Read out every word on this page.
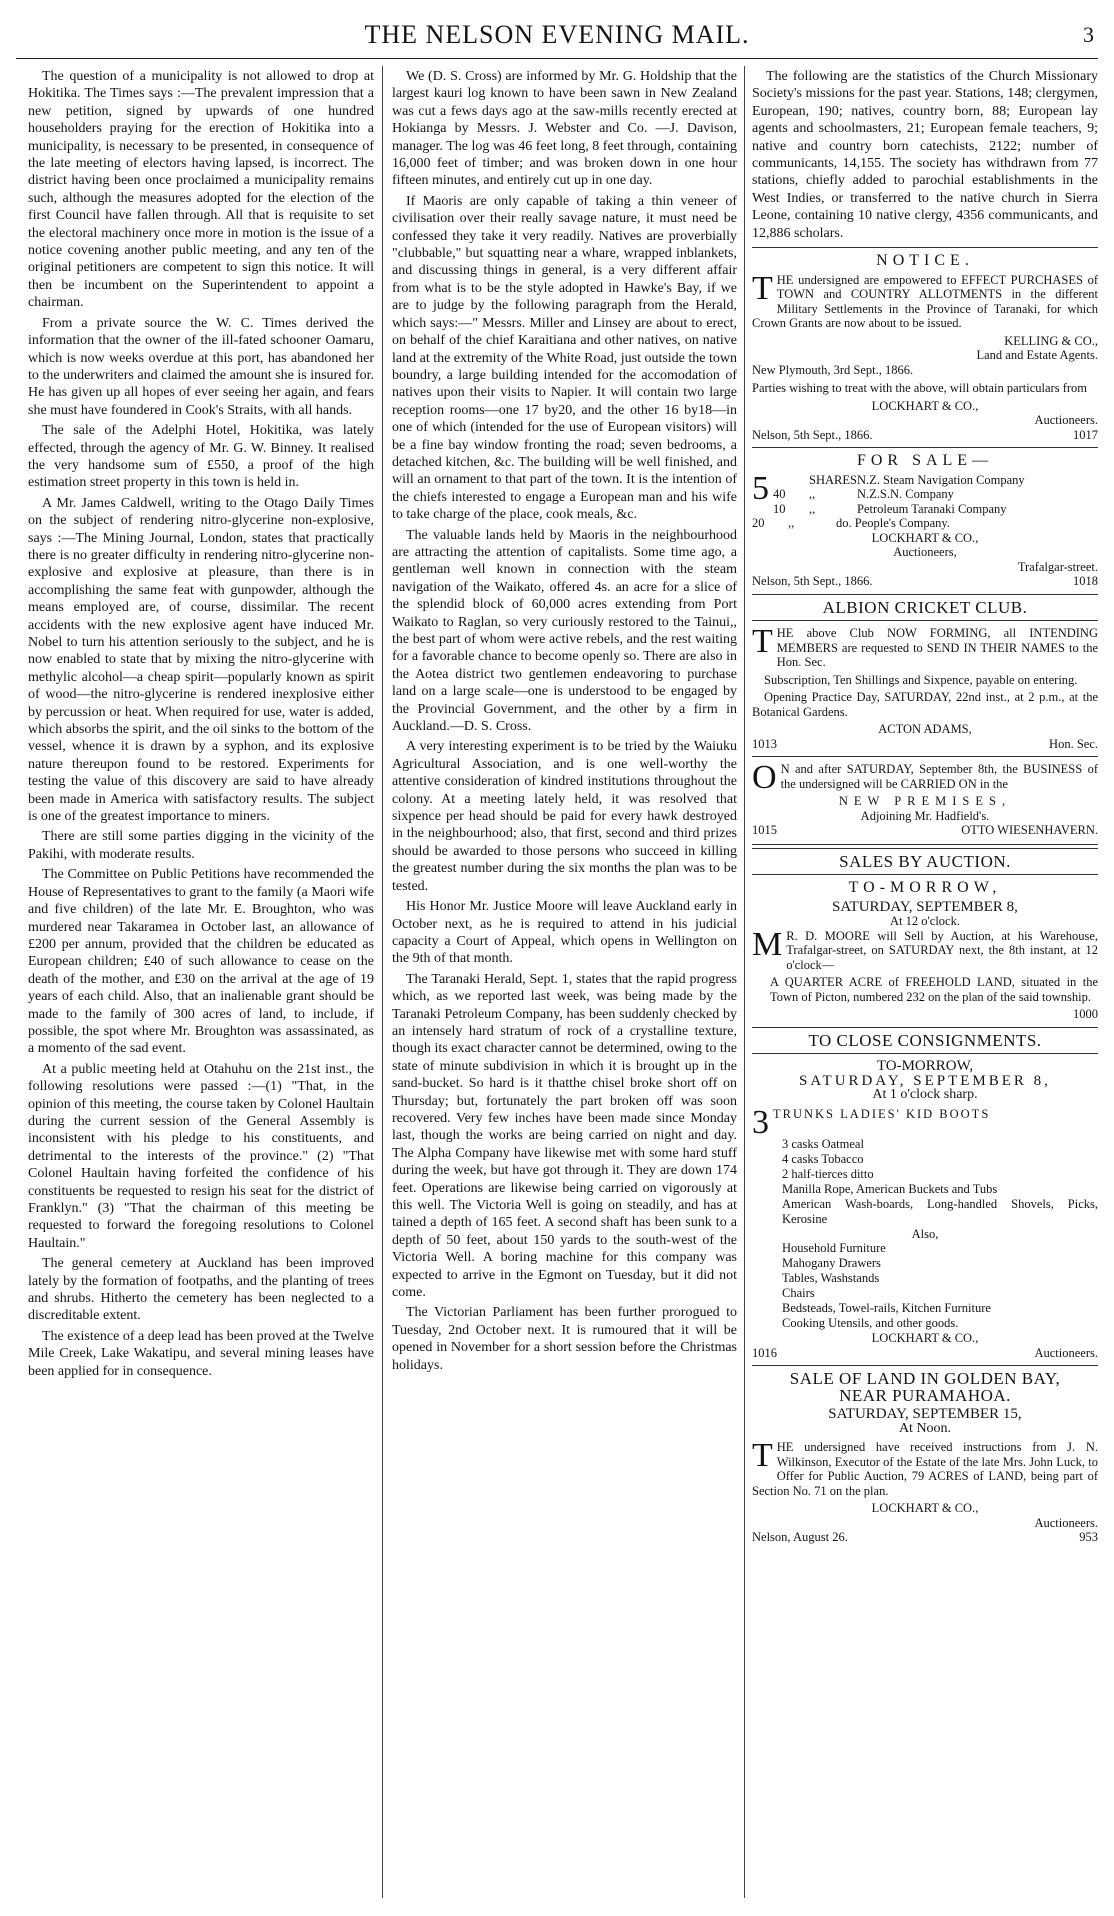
THE NELSON EVENING MAIL.	3

The question of a municipality is not allowed to drop at Hokitika. The Times says :—The prevalent impression that a new petition, signed by upwards of one hundred householders praying for the erection of Hokitika into a municipality, is necessary to be presented, in consequence of the late meeting of electors having lapsed, is incorrect. The district having been once proclaimed a municipality remains such, although the measures adopted for the election of the first Council have fallen through. All that is requisite to set the electoral machinery once more in motion is the issue of a notice covening another public meeting, and any ten of the original petitioners are competent to sign this notice. It will then be incumbent on the Superintendent to appoint a chairman.

From a private source the W. C. Times derived the information that the owner of the ill-fated schooner Oamaru, which is now weeks overdue at this port, has abandoned her to the underwriters and claimed the amount she is insured for. He has given up all hopes of ever seeing her again, and fears she must have foundered in Cook's Straits, with all hands.

The sale of the Adelphi Hotel, Hokitika, was lately effected, through the agency of Mr. G. W. Binney. It realised the very handsome sum of £550, a proof of the high estimation street property in this town is held in.

A Mr. James Caldwell, writing to the Otago Daily Times on the subject of rendering nitro-glycerine non-explosive, says :—The Mining Journal, London, states that practically there is no greater difficulty in rendering nitro-glycerine non-explosive and explosive at pleasure, than there is in accomplishing the same feat with gunpowder, although the means employed are, of course, dissimilar. The recent accidents with the new explosive agent have induced Mr. Nobel to turn his attention seriously to the subject, and he is now enabled to state that by mixing the nitro-glycerine with methylic alcohol—a cheap spirit—popularly known as spirit of wood—the nitro-glycerine is rendered inexplosive either by percussion or heat. When required for use, water is added, which absorbs the spirit, and the oil sinks to the bottom of the vessel, whence it is drawn by a syphon, and its explosive nature thereupon found to be restored. Experiments for testing the value of this discovery are said to have already been made in America with satisfactory results. The subject is one of the greatest importance to miners.

There are still some parties digging in the vicinity of the Pakihi, with moderate results.

The Committee on Public Petitions have recommended the House of Representatives to grant to the family (a Maori wife and five children) of the late Mr. E. Broughton, who was murdered near Takaramea in October last, an allowance of £200 per annum, provided that the children be educated as European children; £40 of such allowance to cease on the death of the mother, and £30 on the arrival at the age of 19 years of each child. Also, that an inalienable grant should be made to the family of 300 acres of land, to include, if possible, the spot where Mr. Broughton was assassinated, as a momento of the sad event.

At a public meeting held at Otahuhu on the 21st inst., the following resolutions were passed :—(1) "That, in the opinion of this meeting, the course taken by Colonel Haultain during the current session of the General Assembly is inconsistent with his pledge to his constituents, and detrimental to the interests of the province." (2) "That Colonel Haultain having forfeited the confidence of his constituents be requested to resign his seat for the district of Franklyn." (3) "That the chairman of this meeting be requested to forward the foregoing resolutions to Colonel Haultain."

The general cemetery at Auckland has been improved lately by the formation of footpaths, and the planting of trees and shrubs. Hitherto the cemetery has been neglected to a discreditable extent.

The existence of a deep lead has been proved at the Twelve Mile Creek, Lake Wakatipu, and several mining leases have been applied for in consequence.

We (D. S. Cross) are informed by Mr. G. Holdship that the largest kauri log known to have been sawn in New Zealand was cut a fews days ago at the saw-mills recently erected at Hokianga by Messrs. J. Webster and Co. —J. Davison, manager. The log was 46 feet long, 8 feet through, containing 16,000 feet of timber; and was broken down in one hour fifteen minutes, and entirely cut up in one day.

If Maoris are only capable of taking a thin veneer of civilisation over their really savage nature, it must need be confessed they take it very readily. Natives are proverbially "clubbable," but squatting near a whare, wrapped inblankets, and discussing things in general, is a very different affair from what is to be the style adopted in Hawke's Bay, if we are to judge by the following paragraph from the Herald, which says:—" Messrs. Miller and Linsey are about to erect, on behalf of the chief Karaitiana and other natives, on native land at the extremity of the White Road, just outside the town boundry, a large building intended for the accomodation of natives upon their visits to Napier. It will contain two large reception rooms—one 17 by20, and the other 16 by18—in one of which (intended for the use of European visitors) will be a fine bay window fronting the road; seven bedrooms, a detached kitchen, &c. The building will be well finished, and will an ornament to that part of the town. It is the intention of the chiefs interested to engage a European man and his wife to take charge of the place, cook meals, &c.

The valuable lands held by Maoris in the neighbourhood are attracting the attention of capitalists. Some time ago, a gentleman well known in connection with the steam navigation of the Waikato, offered 4s. an acre for a slice of the splendid block of 60,000 acres extending from Port Waikato to Raglan, so very curiously restored to the Tainui,, the best part of whom were active rebels, and the rest waiting for a favorable chance to become openly so. There are also in the Aotea district two gentlemen endeavoring to purchase land on a large scale—one is understood to be engaged by the Provincial Government, and the other by a firm in Auckland.—D. S. Cross.

A very interesting experiment is to be tried by the Waiuku Agricultural Association, and is one well-worthy the attentive consideration of kindred institutions throughout the colony. At a meeting lately held, it was resolved that sixpence per head should be paid for every hawk destroyed in the neighbourhood; also, that first, second and third prizes should be awarded to those persons who succeed in killing the greatest number during the six months the plan was to be tested.

His Honor Mr. Justice Moore will leave Auckland early in October next, as he is required to attend in his judicial capacity a Court of Appeal, which opens in Wellington on the 9th of that month.

The Taranaki Herald, Sept. 1, states that the rapid progress which, as we reported last week, was being made by the Taranaki Petroleum Company, has been suddenly checked by an intensely hard stratum of rock of a crystalline texture, though its exact character cannot be determined, owing to the state of minute subdivision in which it is brought up in the sand-bucket. So hard is it thatthe chisel broke short off on Thursday; but, fortunately the part broken off was soon recovered. Very few inches have been made since Monday last, though the works are being carried on night and day. The Alpha Company have likewise met with some hard stuff during the week, but have got through it. They are down 174 feet. Operations are likewise being carried on vigorously at this well. The Victoria Well is going on steadily, and has at tained a depth of 165 feet. A second shaft has been sunk to a depth of 50 feet, about 150 yards to the south-west of the Victoria Well. A boring machine for this company was expected to arrive in the Egmont on Tuesday, but it did not come.

The Victorian Parliament has been further prorogued to Tuesday, 2nd October next. It is rumoured that it will be opened in November for a short session before the Christmas holidays.

The following are the statistics of the Church Missionary Society's missions for the past year. Stations, 148; clergymen, European, 190; natives, country born, 88; European lay agents and schoolmasters, 21; European female teachers, 9; native and country born catechists, 2122; number of communicants, 14,155. The society has withdrawn from 77 stations, chiefly added to parochial establishments in the West Indies, or transferred to the native church in Sierra Leone, containing 10 native clergy, 4356 communicants, and 12,886 scholars.

NOTICE.

THE undersigned are empowered to EFFECT PURCHASES of TOWN and COUNTRY ALLOTMENTS in the different Military Settlements in the Province of Taranaki, for which Crown Grants are now about to be issued.

KELLING & CO.,
Land and Estate Agents.
New Plymouth, 3rd Sept., 1866.

Parties wishing to treat with the above, will obtain particulars from

LOCKHART & CO.,
Auctioneers.
Nelson, 5th Sept., 1866.	1017
FOR SALE—
5	SHARES N.Z. Steam Navigation Company
40	,,	N.Z.S.N. Company
10	,,	Petroleum Taranaki Company
20	,,	do. People's Company.
LOCKHART & CO.,
Auctioneers,
Trafalgar-street.
Nelson, 5th Sept., 1866.	1018
ALBION CRICKET CLUB.

THE above Club NOW FORMING, all INTENDING MEMBERS are requested to SEND IN THEIR NAMES to the Hon. Sec.

Subscription, Ten Shillings and Sixpence, payable on entering.

Opening Practice Day, SATURDAY, 22nd inst., at 2 p.m., at the Botanical Gardens.

ACTON ADAMS,
1013	Hon. Sec.

O N and after SATURDAY, September 8th, the BUSINESS of the undersigned will be CARRIED ON in the

NEW PREMISES,
Adjoining Mr. Hadfield's.
1015	OTTO WIESENHAVERN.
SALES BY AUCTION.
TO-MORROW,
SATURDAY, SEPTEMBER 8,
At 12 o'clock.

M R. D. MOORE will Sell by Auction, at his Warehouse, Trafalgar-street, on SATURDAY next, the 8th instant, at 12 o'clock—

A QUARTER ACRE of FREEHOLD LAND, situated in the Town of Picton, numbered 232 on the plan of the said township.

1000
TO CLOSE CONSIGNMENTS.
TO-MORROW,
SATURDAY, SEPTEMBER 8,
At 1 o'clock sharp.

3 TRUNKS LADIES' KID BOOTS

3 casks Oatmeal
4 casks Tobacco
2 half-tierces ditto
Manilla Rope, American Buckets and Tubs
American Wash-boards, Long-handled Shovels, Picks, Kerosine
Also,
Household Furniture
Mahogany Drawers
Tables, Washstands
Chairs
Bedsteads, Towel-rails, Kitchen Furniture
Cooking Utensils, and other goods.
LOCKHART & CO.,
1016	Auctioneers.
SALE OF LAND IN GOLDEN BAY,
NEAR PURAMAHOA.
SATURDAY, SEPTEMBER 15,
At Noon.

THE undersigned have received instructions from J. N. Wilkinson, Executor of the Estate of the late Mrs. John Luck, to Offer for Public Auction, 79 ACRES of LAND, being part of Section No. 71 on the plan.

LOCKHART & CO.,
Auctioneers.
Nelson, August 26.	953
